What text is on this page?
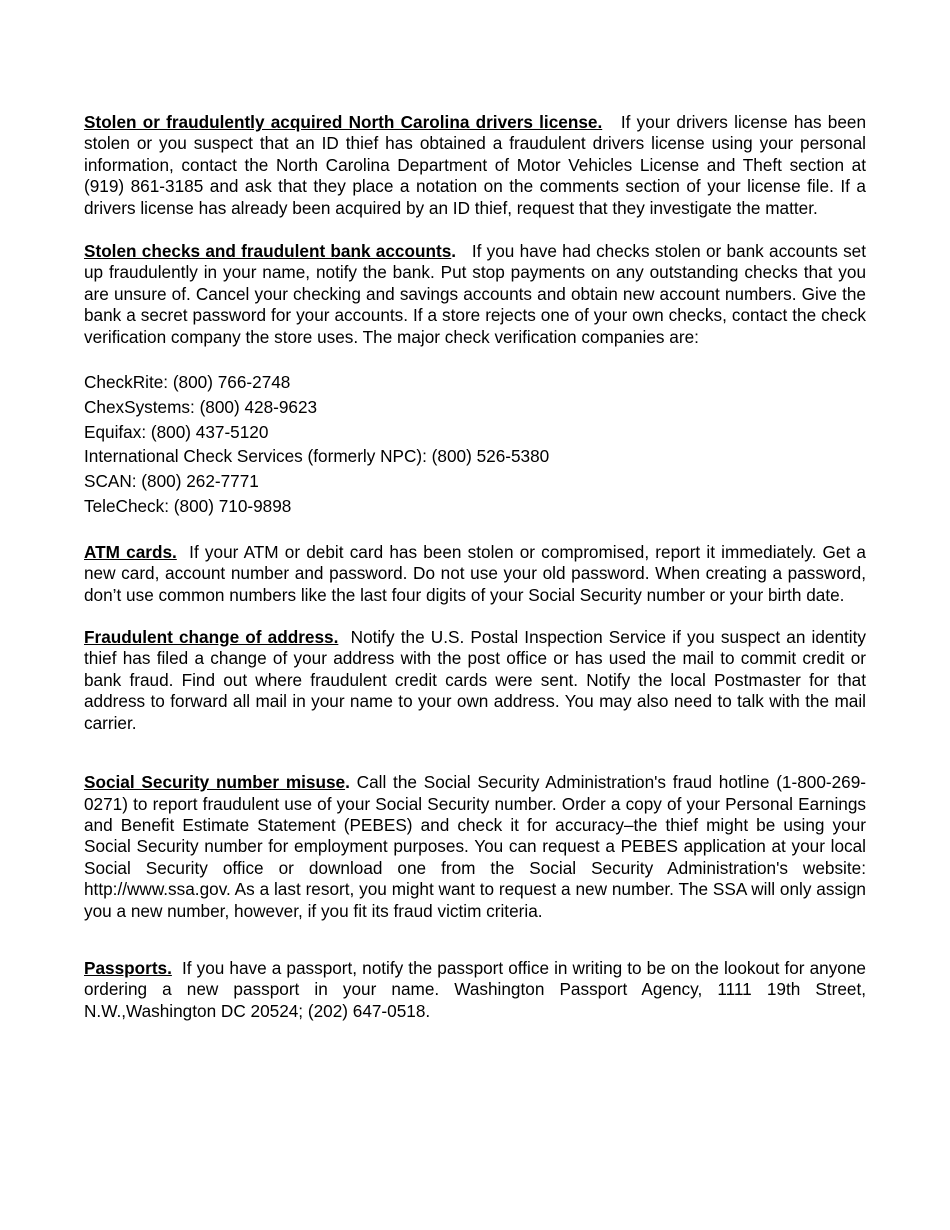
Stolen or fraudulently acquired North Carolina drivers license. If your drivers license has been stolen or you suspect that an ID thief has obtained a fraudulent drivers license using your personal information, contact the North Carolina Department of Motor Vehicles License and Theft section at (919) 861-3185 and ask that they place a notation on the comments section of your license file. If a drivers license has already been acquired by an ID thief, request that they investigate the matter.

Stolen checks and fraudulent bank accounts. If you have had checks stolen or bank accounts set up fraudulently in your name, notify the bank. Put stop payments on any outstanding checks that you are unsure of. Cancel your checking and savings accounts and obtain new account numbers. Give the bank a secret password for your accounts. If a store rejects one of your own checks, contact the check verification company the store uses. The major check verification companies are:

CheckRite: (800) 766-2748
ChexSystems: (800) 428-9623
Equifax: (800) 437-5120
International Check Services (formerly NPC): (800) 526-5380
SCAN: (800) 262-7771
TeleCheck: (800) 710-9898

ATM cards. If your ATM or debit card has been stolen or compromised, report it immediately. Get a new card, account number and password. Do not use your old password. When creating a password, don’t use common numbers like the last four digits of your Social Security number or your birth date.

Fraudulent change of address. Notify the U.S. Postal Inspection Service if you suspect an identity thief has filed a change of your address with the post office or has used the mail to commit credit or bank fraud. Find out where fraudulent credit cards were sent. Notify the local Postmaster for that address to forward all mail in your name to your own address. You may also need to talk with the mail carrier.

Social Security number misuse. Call the Social Security Administration's fraud hotline (1-800-269-0271) to report fraudulent use of your Social Security number. Order a copy of your Personal Earnings and Benefit Estimate Statement (PEBES) and check it for accuracy–the thief might be using your Social Security number for employment purposes. You can request a PEBES application at your local Social Security office or download one from the Social Security Administration's website: http://www.ssa.gov. As a last resort, you might want to request a new number. The SSA will only assign you a new number, however, if you fit its fraud victim criteria.

Passports. If you have a passport, notify the passport office in writing to be on the lookout for anyone ordering a new passport in your name. Washington Passport Agency, 1111 19th Street, N.W.,Washington DC 20524; (202) 647-0518.
